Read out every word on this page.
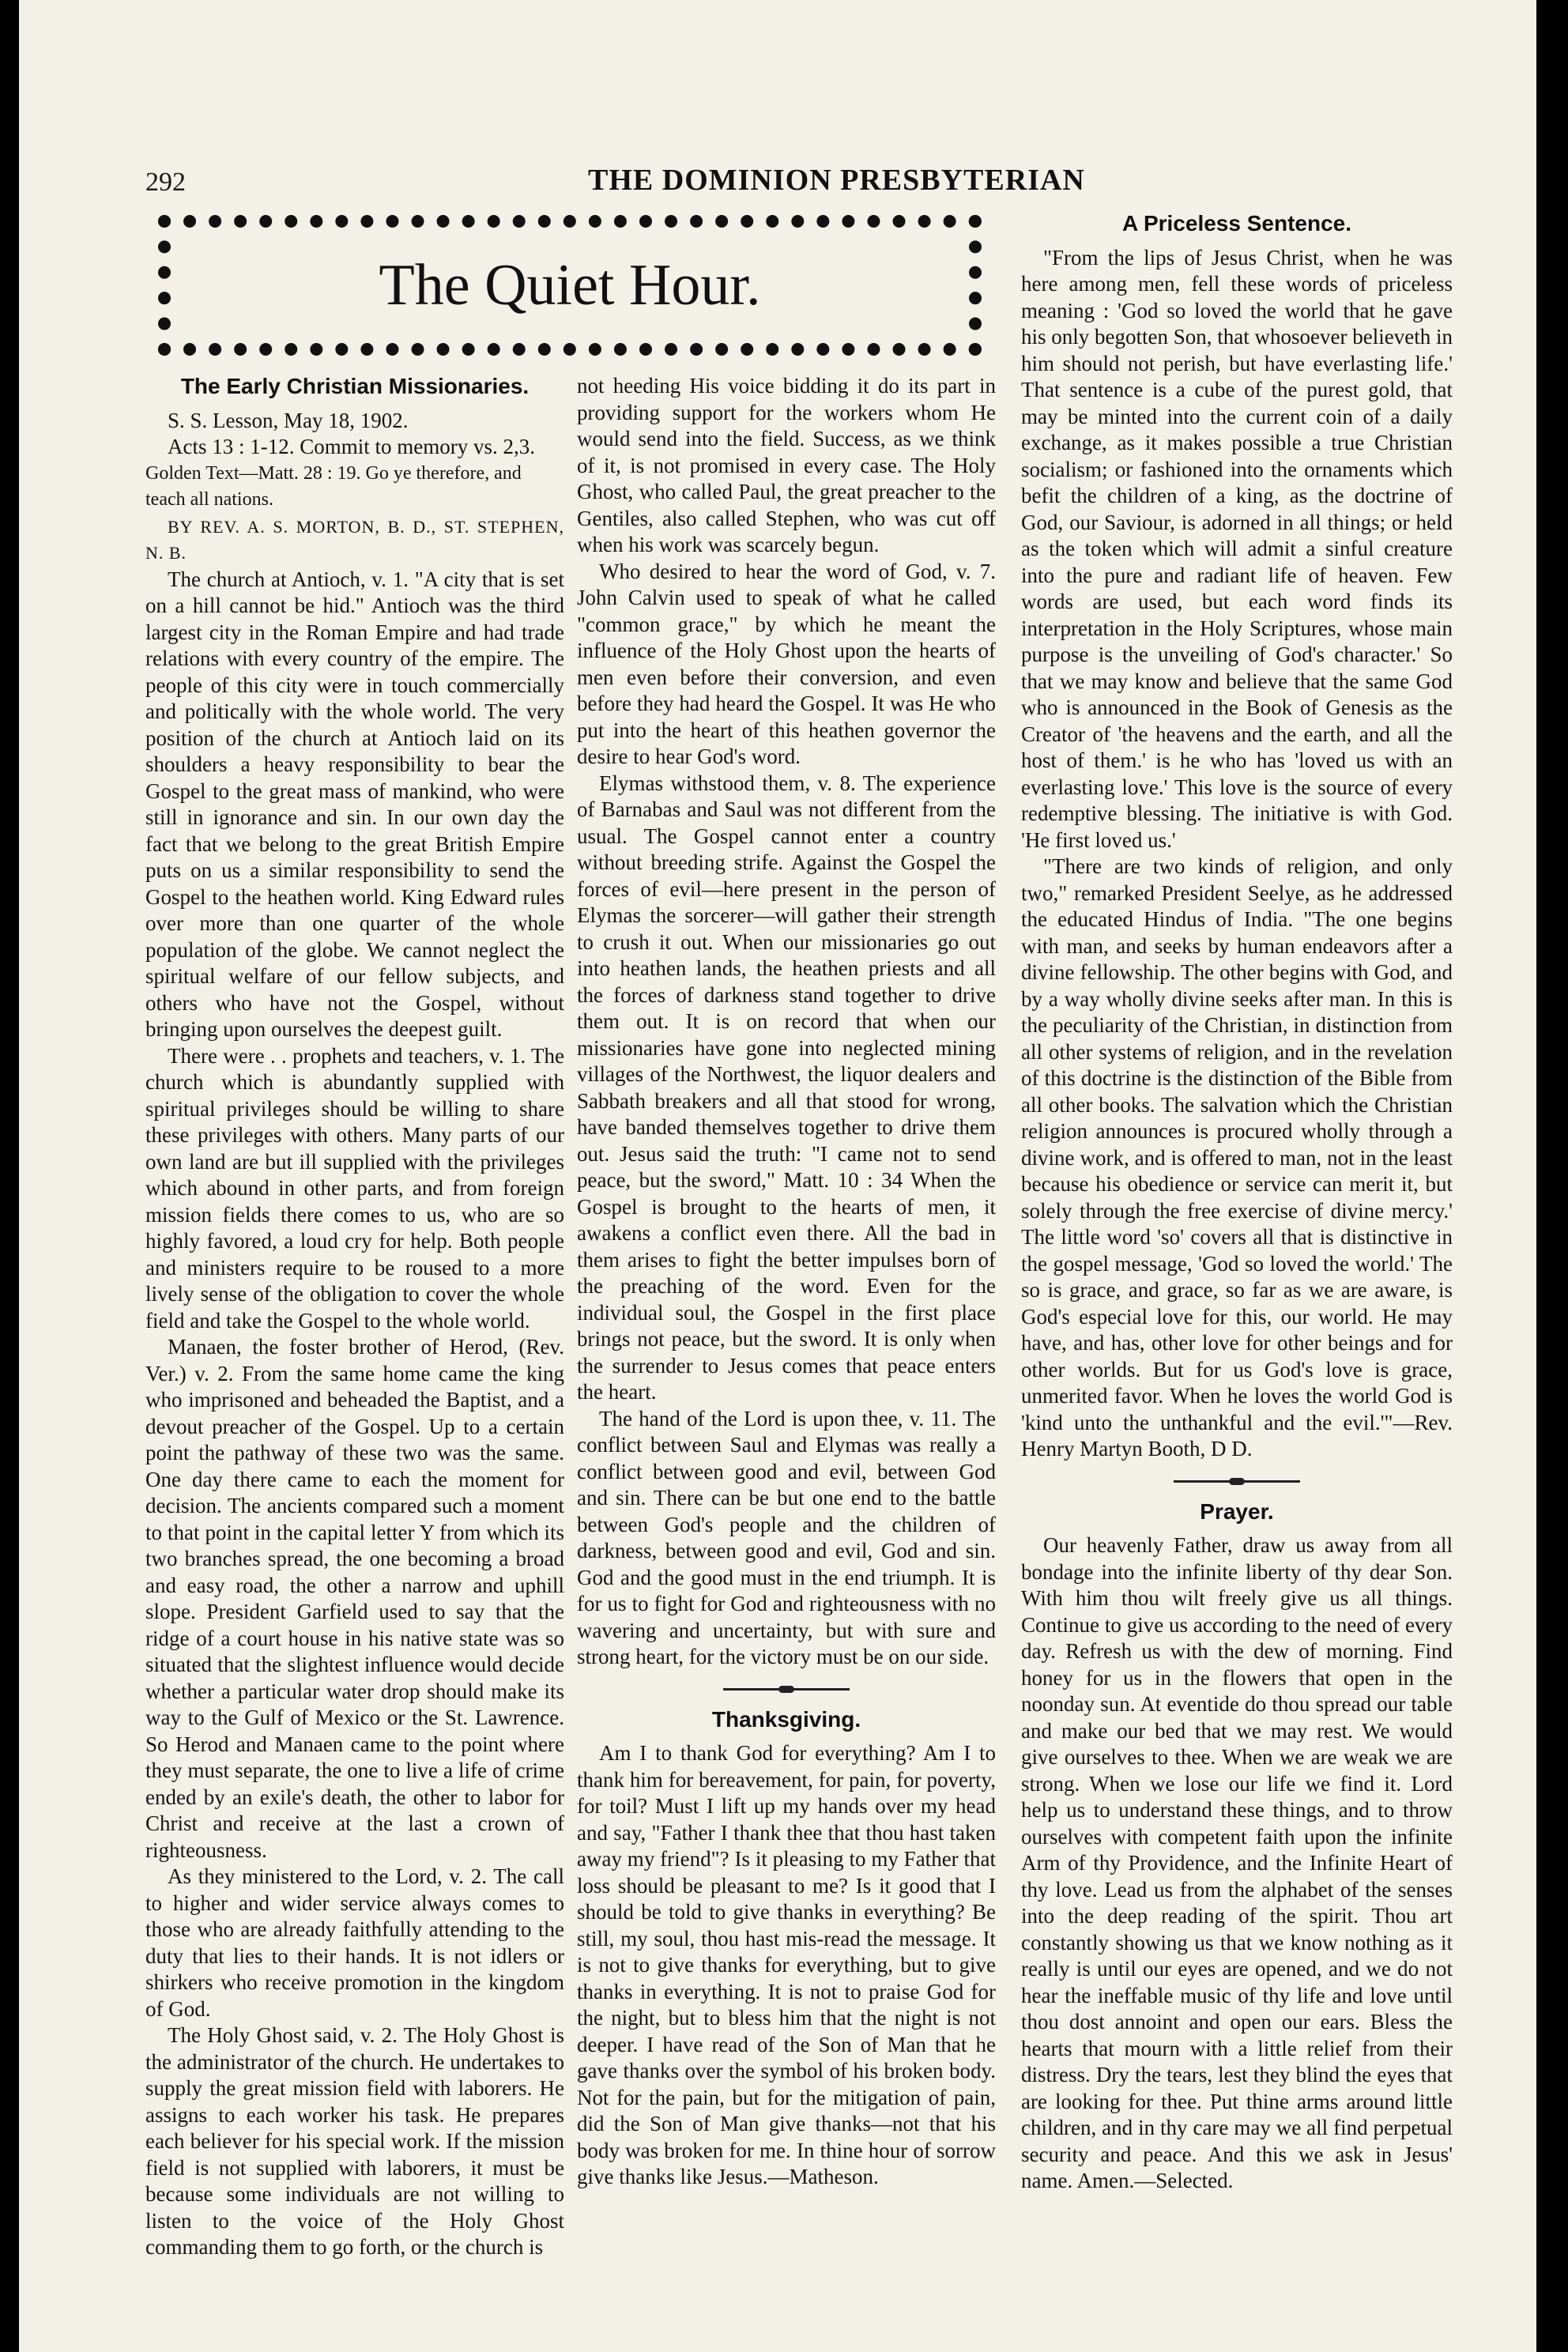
292	THE DOMINION PRESBYTERIAN
The Quiet Hour.
The Early Christian Missionaries.

S. S. Lesson, May 18, 1902.

Acts 13 : 1-12. Commit to memory vs. 2,3.

Golden Text—Matt. 28 : 19. Go ye therefore, and teach all nations.

BY REV. A. S. MORTON, B. D., ST. STEPHEN, N. B.

The church at Antioch, v. 1. "A city that is set on a hill cannot be hid." Antioch was the third largest city in the Roman Empire and had trade relations with every country of the empire. The people of this city were in touch commercially and politically with the whole world. The very position of the church at Antioch laid on its shoulders a heavy responsibility to bear the Gospel to the great mass of mankind, who were still in ignorance and sin. In our own day the fact that we belong to the great British Empire puts on us a similar responsibility to send the Gospel to the heathen world. King Edward rules over more than one quarter of the whole population of the globe. We cannot neglect the spiritual welfare of our fellow subjects, and others who have not the Gospel, without bringing upon ourselves the deepest guilt.

There were . . prophets and teachers, v. 1. The church which is abundantly supplied with spiritual privileges should be willing to share these privileges with others. Many parts of our own land are but ill supplied with the privileges which abound in other parts, and from foreign mission fields there comes to us, who are so highly favored, a loud cry for help. Both people and ministers require to be roused to a more lively sense of the obligation to cover the whole field and take the Gospel to the whole world.

Manaen, the foster brother of Herod, (Rev. Ver.) v. 2. From the same home came the king who imprisoned and beheaded the Baptist, and a devout preacher of the Gospel. Up to a certain point the pathway of these two was the same. One day there came to each the moment for decision. The ancients compared such a moment to that point in the capital letter Y from which its two branches spread, the one becoming a broad and easy road, the other a narrow and uphill slope. President Garfield used to say that the ridge of a court house in his native state was so situated that the slightest influence would decide whether a particular water drop should make its way to the Gulf of Mexico or the St. Lawrence. So Herod and Manaen came to the point where they must separate, the one to live a life of crime ended by an exile's death, the other to labor for Christ and receive at the last a crown of righteousness.

As they ministered to the Lord, v. 2. The call to higher and wider service always comes to those who are already faithfully attending to the duty that lies to their hands. It is not idlers or shirkers who receive promotion in the kingdom of God.

The Holy Ghost said, v. 2. The Holy Ghost is the administrator of the church. He undertakes to supply the great mission field with laborers. He assigns to each worker his task. He prepares each believer for his special work. If the mission field is not supplied with laborers, it must be because some individuals are not willing to listen to the voice of the Holy Ghost commanding them to go forth, or the church is

not heeding His voice bidding it do its part in providing support for the workers whom He would send into the field. Success, as we think of it, is not promised in every case. The Holy Ghost, who called Paul, the great preacher to the Gentiles, also called Stephen, who was cut off when his work was scarcely begun.

Who desired to hear the word of God, v. 7. John Calvin used to speak of what he called "common grace," by which he meant the influence of the Holy Ghost upon the hearts of men even before their conversion, and even before they had heard the Gospel. It was He who put into the heart of this heathen governor the desire to hear God's word.

Elymas withstood them, v. 8. The experience of Barnabas and Saul was not different from the usual. The Gospel cannot enter a country without breeding strife. Against the Gospel the forces of evil—here present in the person of Elymas the sorcerer—will gather their strength to crush it out. When our missionaries go out into heathen lands, the heathen priests and all the forces of darkness stand together to drive them out. It is on record that when our missionaries have gone into neglected mining villages of the Northwest, the liquor dealers and Sabbath breakers and all that stood for wrong, have banded themselves together to drive them out. Jesus said the truth: "I came not to send peace, but the sword," Matt. 10 : 34 When the Gospel is brought to the hearts of men, it awakens a conflict even there. All the bad in them arises to fight the better impulses born of the preaching of the word. Even for the individual soul, the Gospel in the first place brings not peace, but the sword. It is only when the surrender to Jesus comes that peace enters the heart.

The hand of the Lord is upon thee, v. 11. The conflict between Saul and Elymas was really a conflict between good and evil, between God and sin. There can be but one end to the battle between God's people and the children of darkness, between good and evil, God and sin. God and the good must in the end triumph. It is for us to fight for God and righteousness with no wavering and uncertainty, but with sure and strong heart, for the victory must be on our side.

Thanksgiving.

Am I to thank God for everything? Am I to thank him for bereavement, for pain, for poverty, for toil? Must I lift up my hands over my head and say, "Father I thank thee that thou hast taken away my friend"? Is it pleasing to my Father that loss should be pleasant to me? Is it good that I should be told to give thanks in everything? Be still, my soul, thou hast mis-read the message. It is not to give thanks for everything, but to give thanks in everything. It is not to praise God for the night, but to bless him that the night is not deeper. I have read of the Son of Man that he gave thanks over the symbol of his broken body. Not for the pain, but for the mitigation of pain, did the Son of Man give thanks—not that his body was broken for me. In thine hour of sorrow give thanks like Jesus.—Matheson.

A Priceless Sentence.

"From the lips of Jesus Christ, when he was here among men, fell these words of priceless meaning : 'God so loved the world that he gave his only begotten Son, that whosoever believeth in him should not perish, but have everlasting life.' That sentence is a cube of the purest gold, that may be minted into the current coin of a daily exchange, as it makes possible a true Christian socialism; or fashioned into the ornaments which befit the children of a king, as the doctrine of God, our Saviour, is adorned in all things; or held as the token which will admit a sinful creature into the pure and radiant life of heaven. Few words are used, but each word finds its interpretation in the Holy Scriptures, whose main purpose is the unveiling of God's character.' So that we may know and believe that the same God who is announced in the Book of Genesis as the Creator of 'the heavens and the earth, and all the host of them.' is he who has 'loved us with an everlasting love.' This love is the source of every redemptive blessing. The initiative is with God. 'He first loved us.'

"There are two kinds of religion, and only two," remarked President Seelye, as he addressed the educated Hindus of India. "The one begins with man, and seeks by human endeavors after a divine fellowship. The other begins with God, and by a way wholly divine seeks after man. In this is the peculiarity of the Christian, in distinction from all other systems of religion, and in the revelation of this doctrine is the distinction of the Bible from all other books. The salvation which the Christian religion announces is procured wholly through a divine work, and is offered to man, not in the least because his obedience or service can merit it, but solely through the free exercise of divine mercy.' The little word 'so' covers all that is distinctive in the gospel message, 'God so loved the world.' The so is grace, and grace, so far as we are aware, is God's especial love for this, our world. He may have, and has, other love for other beings and for other worlds. But for us God's love is grace, unmerited favor. When he loves the world God is 'kind unto the unthankful and the evil.'"—Rev. Henry Martyn Booth, D D.

Prayer.

Our heavenly Father, draw us away from all bondage into the infinite liberty of thy dear Son. With him thou wilt freely give us all things. Continue to give us according to the need of every day. Refresh us with the dew of morning. Find honey for us in the flowers that open in the noonday sun. At eventide do thou spread our table and make our bed that we may rest. We would give ourselves to thee. When we are weak we are strong. When we lose our life we find it. Lord help us to understand these things, and to throw ourselves with competent faith upon the infinite Arm of thy Providence, and the Infinite Heart of thy love. Lead us from the alphabet of the senses into the deep reading of the spirit. Thou art constantly showing us that we know nothing as it really is until our eyes are opened, and we do not hear the ineffable music of thy life and love until thou dost annoint and open our ears. Bless the hearts that mourn with a little relief from their distress. Dry the tears, lest they blind the eyes that are looking for thee. Put thine arms around little children, and in thy care may we all find perpetual security and peace. And this we ask in Jesus' name. Amen.—Selected.
